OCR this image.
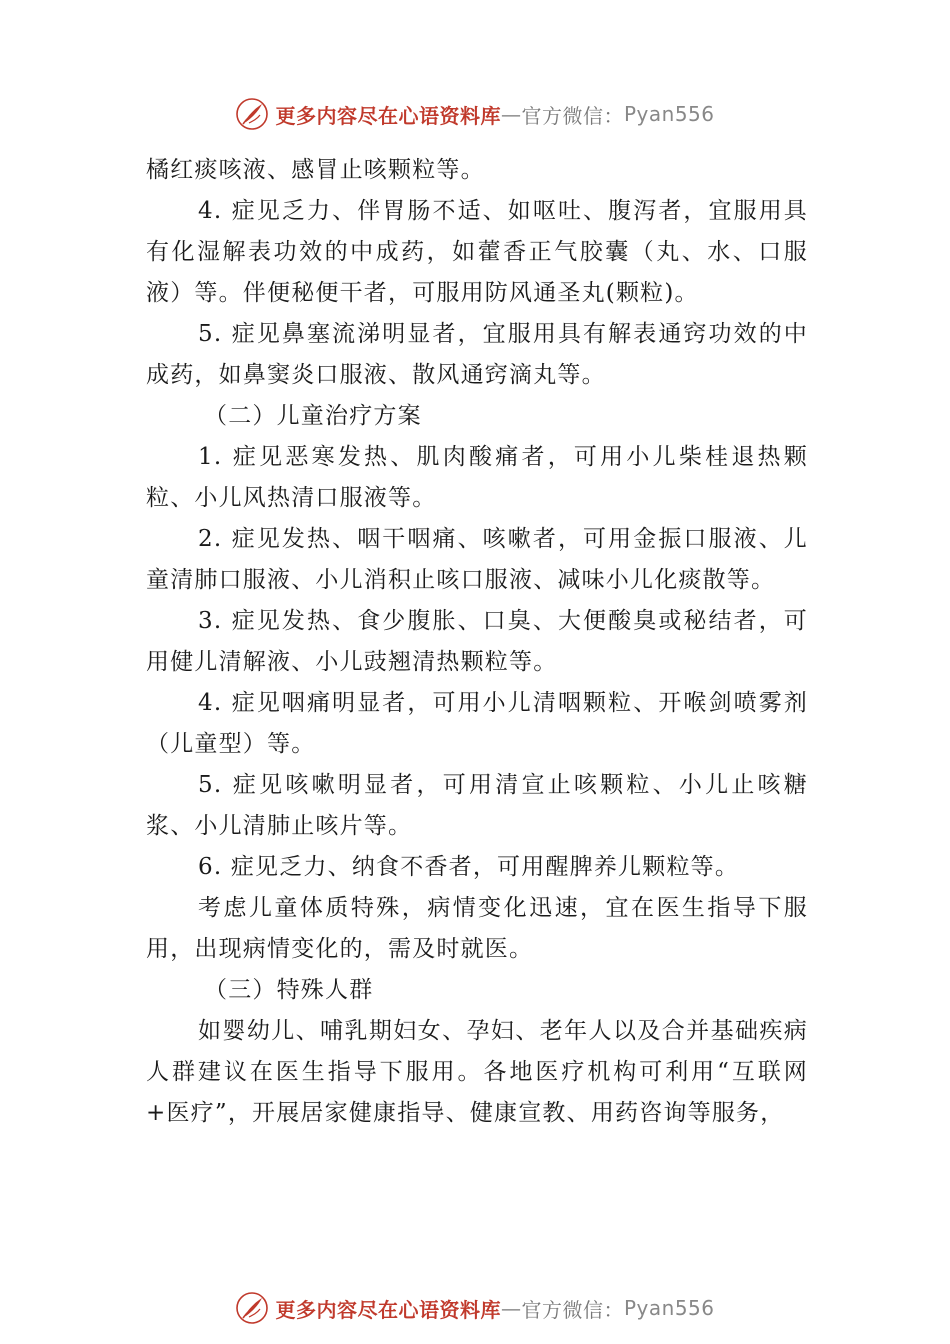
更多内容尽在心语资料库 — 官方微信： Pyan556

橘红痰咳液、感冒止咳颗粒等。

4. 症见乏力、伴胃肠不适、如呕吐、腹泻者，宜服用具有化湿解表功效的中成药，如藿香正气胶囊（丸、水、口服液）等。伴便秘便干者，可服用防风通圣丸(颗粒)。

5. 症见鼻塞流涕明显者，宜服用具有解表通窍功效的中成药，如鼻窦炎口服液、散风通窍滴丸等。

（二）儿童治疗方案

1. 症见恶寒发热、肌肉酸痛者，可用小儿柴桂退热颗粒、小儿风热清口服液等。

2. 症见发热、咽干咽痛、咳嗽者，可用金振口服液、儿童清肺口服液、小儿消积止咳口服液、减味小儿化痰散等。

3. 症见发热、食少腹胀、口臭、大便酸臭或秘结者，可用健儿清解液、小儿豉翘清热颗粒等。

4. 症见咽痛明显者，可用小儿清咽颗粒、开喉剑喷雾剂（儿童型）等。

5. 症见咳嗽明显者，可用清宣止咳颗粒、小儿止咳糖浆、小儿清肺止咳片等。

6. 症见乏力、纳食不香者，可用醒脾养儿颗粒等。

考虑儿童体质特殊，病情变化迅速，宜在医生指导下服用，出现病情变化的，需及时就医。

（三）特殊人群

如婴幼儿、哺乳期妇女、孕妇、老年人以及合并基础疾病人群建议在医生指导下服用。各地医疗机构可利用“互联网+医疗”，开展居家健康指导、健康宣教、用药咨询等服务，

更多内容尽在心语资料库 — 官方微信： Pyan556
